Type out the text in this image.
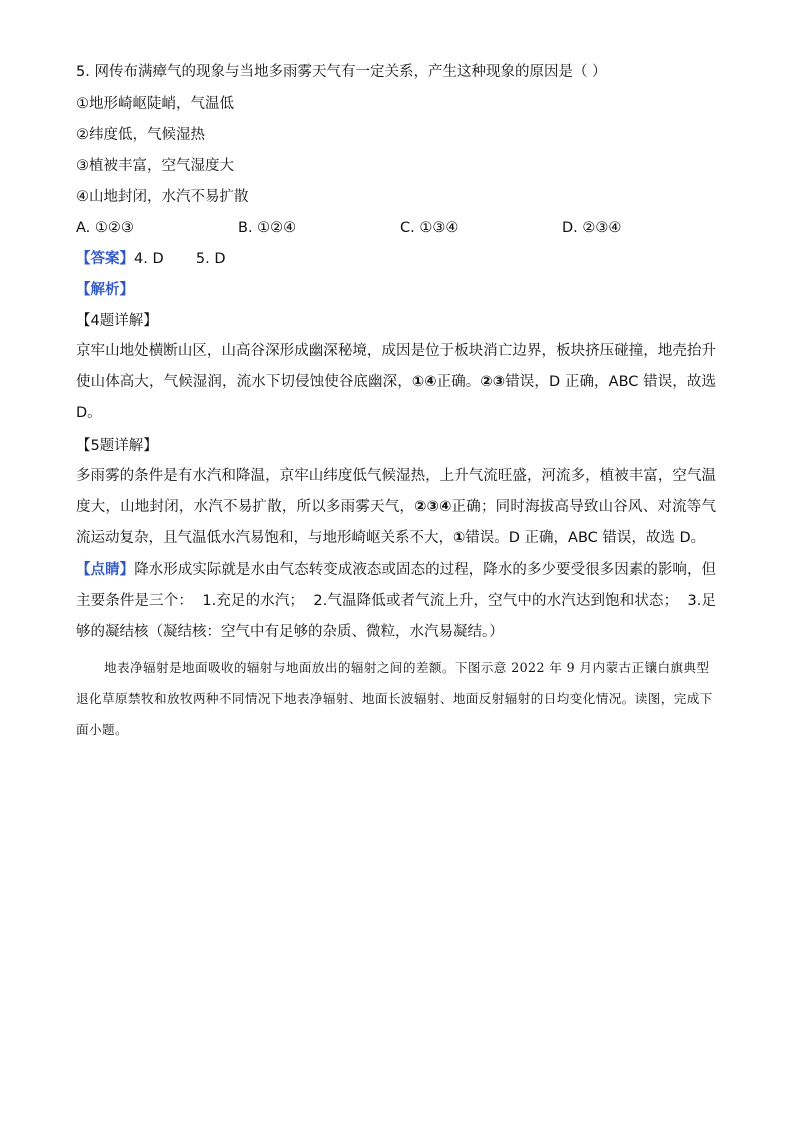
5. 网传布满瘴气的现象与当地多雨雾天气有一定关系，产生这种现象的原因是（ ）
①地形崎岖陡峭，气温低
②纬度低，气候湿热
③植被丰富，空气湿度大
④山地封闭，水汽不易扩散
A. ①②③	B. ①②④	C. ①③④	D. ②③④
【答案】4. D       5. D
【解析】
【4题详解】
京牢山地处横断山区，山高谷深形成幽深秘境，成因是位于板块消亡边界，板块挤压碰撞，地壳抬升使山体高大，气候湿润，流水下切侵蚀使谷底幽深，①④正确。②③错误，D 正确，ABC 错误，故选D。
【5题详解】
多雨雾的条件是有水汽和降温，京牢山纬度低气候湿热，上升气流旺盛，河流多，植被丰富，空气温度大，山地封闭，水汽不易扩散，所以多雨雾天气，②③④正确；同时海拔高导致山谷风、对流等气流运动复杂，且气温低水汽易饱和，与地形崎岖关系不大，①错误。D 正确，ABC 错误，故选 D。
【点睛】降水形成实际就是水由气态转变成液态或固态的过程，降水的多少要受很多因素的影响，但主要条件是三个：  1.充足的水汽；  2.气温降低或者气流上升，空气中的水汽达到饱和状态；  3.足够的凝结核（凝结核：空气中有足够的杂质、微粒，水汽易凝结。）
地表净辐射是地面吸收的辐射与地面放出的辐射之间的差额。下图示意 2022 年 9 月内蒙古正镶白旗典型退化草原禁牧和放牧两种不同情况下地表净辐射、地面长波辐射、地面反射辐射的日均变化情况。读图，完成下面小题。
